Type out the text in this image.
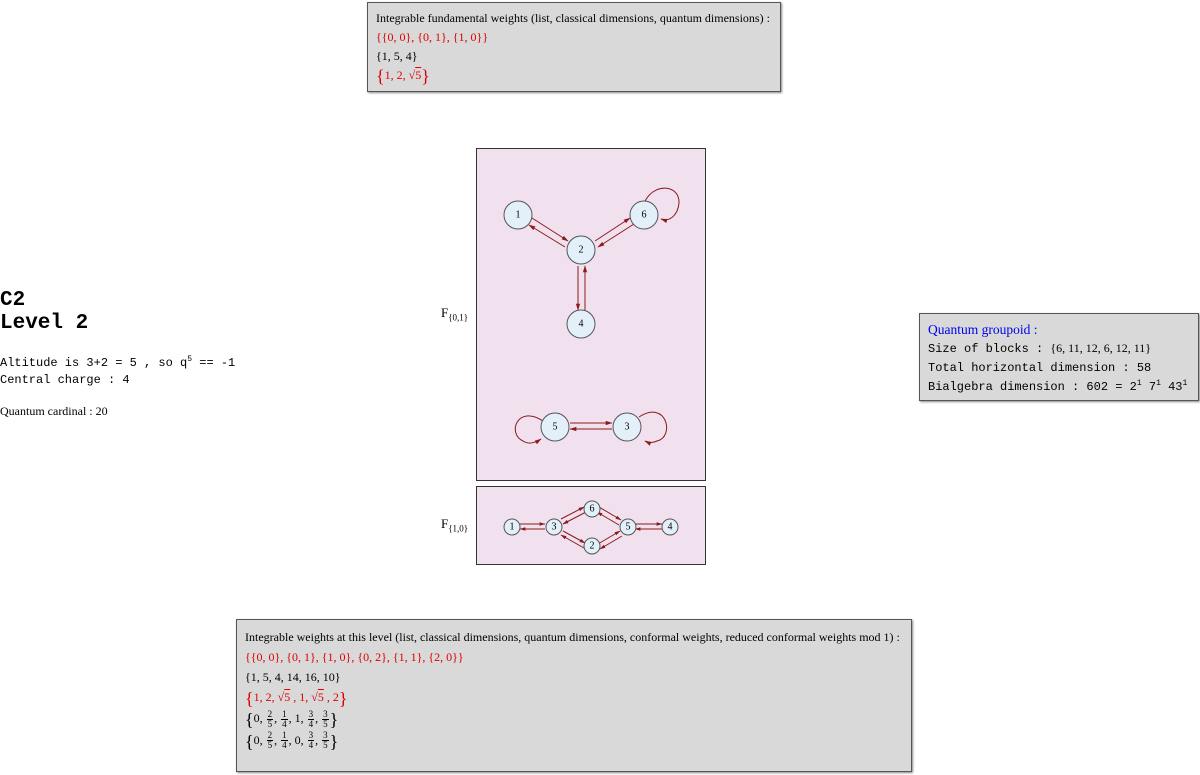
Integrable fundamental weights (list, classical dimensions, quantum dimensions) :
{{0, 0}, {0, 1}, {1, 0}}
{1, 5, 4}
{1, 2, √5}
C2
Level 2
Altitude is 3+2 = 5 , so $q^5 == -1$
Central charge : 4
Quantum cardinal : 20
$F_{\{0,1\}}$
$F_{\{1,0\}}$
1
2
6
4
5	3
1	3
6
5
2
4
Quantum groupoid :
Size of blocks : {6, 11, 12, 6, 12, 11}
Total horizontal dimension : 58
Bialgebra dimension : $602 = 2^1$ $7^1$ $43^1$
Integrable weights at this level (list, classical dimensions, quantum dimensions, conformal weights, reduced conformal weights mod 1) :
{{0, 0}, {0, 1}, {1, 0}, {0, 2}, {1, 1}, {2, 0}}
{1, 5, 4, 14, 16, 10}
{1, 2, √5 , 1, √5 , 2}
{0, $\frac{2}{5}$ , $\frac{1}{4}$ , 1, $\frac{3}{4}$ , $\frac{3}{5}$ }
{0, $\frac{2}{5}$ , $\frac{1}{4}$ , 0, $\frac{3}{4}$ , $\frac{3}{5}$ }
